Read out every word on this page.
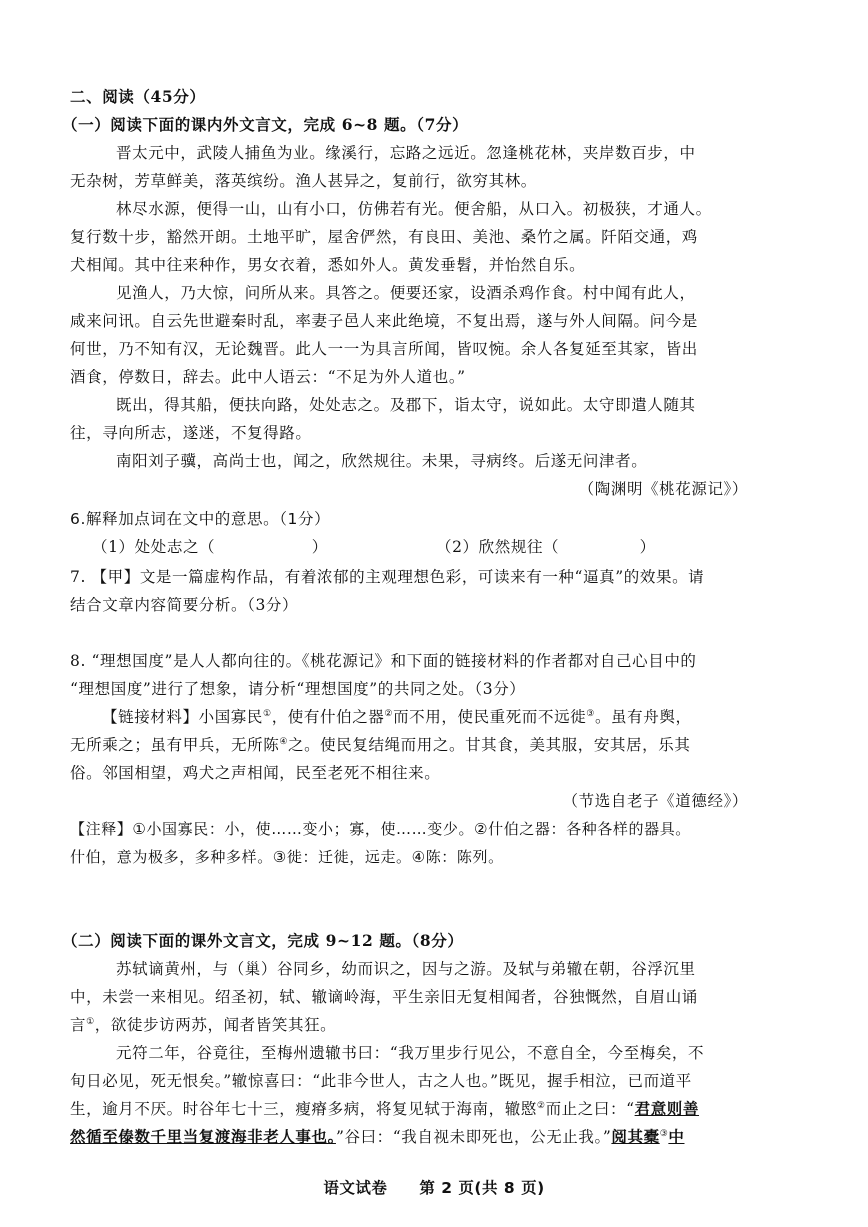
二、阅读（45分）
（一）阅读下面的课内外文言文，完成 6~8 题。（7分）
晋太元中，武陵人捕鱼为业。缘溪行，忘路之远近。忽逢桃花林，夹岸数百步，中
无杂树，芳草鲜美，落英缤纷。渔人甚异之，复前行，欲穷其林。
林尽水源，便得一山，山有小口，仿佛若有光。便舍船，从口入。初极狭，才通人。
复行数十步，豁然开朗。土地平旷，屋舍俨然，有良田、美池、桑竹之属。阡陌交通，鸡
犬相闻。其中往来种作，男女衣着，悉如外人。黄发垂髫，并怡然自乐。
见渔人，乃大惊，问所从来。具答之。便要还家，设酒杀鸡作食。村中闻有此人，
咸来问讯。自云先世避秦时乱，率妻子邑人来此绝境，不复出焉，遂与外人间隔。问今是
何世，乃不知有汉，无论魏晋。此人一一为具言所闻，皆叹惋。余人各复延至其家，皆出
酒食，停数日，辞去。此中人语云：“不足为外人道也。”
既出，得其船，便扶向路，处处志之。及郡下，诣太守，说如此。太守即遣人随其
往，寻向所志，遂迷，不复得路。
南阳刘子骥，高尚士也，闻之，欣然规往。未果，寻病终。后遂无问津者。
（陶渊明《桃花源记》）
6.解释加点词在文中的意思。（1分）
（1）处处志之（　　　　　　）	（2）欣然规往（　　　　　）
7. 【甲】文是一篇虚构作品，有着浓郁的主观理想色彩，可读来有一种“逼真”的效果。请
结合文章内容简要分析。（3分）
8. “理想国度”是人人都向往的。《桃花源记》和下面的链接材料的作者都对自己心目中的
“理想国度”进行了想象，请分析“理想国度”的共同之处。（3分）
【链接材料】小国寡民①，使有什伯之器②而不用，使民重死而不远徙③。虽有舟舆，
无所乘之；虽有甲兵，无所陈④之。使民复结绳而用之。甘其食，美其服，安其居，乐其
俗。邻国相望，鸡犬之声相闻，民至老死不相往来。
（节选自老子《道德经》）
【注释】①小国寡民：小，使……变小；寡，使……变少。②什伯之器：各种各样的器具。
什伯，意为极多，多种多样。③徙：迁徙，远走。④陈：陈列。
（二）阅读下面的课外文言文，完成 9~12 题。（8分）
苏轼谪黄州，与（巢）谷同乡，幼而识之，因与之游。及轼与弟辙在朝，谷浮沉里
中，未尝一来相见。绍圣初，轼、辙谪岭海，平生亲旧无复相闻者，谷独慨然，自眉山诵
言①，欲徒步访两苏，闻者皆笑其狂。
元符二年，谷竟往，至梅州遗辙书曰：“我万里步行见公，不意自全，今至梅矣，不
旬日必见，死无恨矣。”辙惊喜曰：“此非今世人，古之人也。”既见，握手相泣，已而道平
生，逾月不厌。时谷年七十三，瘦瘠多病，将复见轼于海南，辙愍②而止之曰：“君意则善
然循至傣数千里当复渡海非老人事也。”谷曰：“我自视未即死也，公无止我。”阅其橐③中
语文试卷　　第 2 页(共 8 页)
